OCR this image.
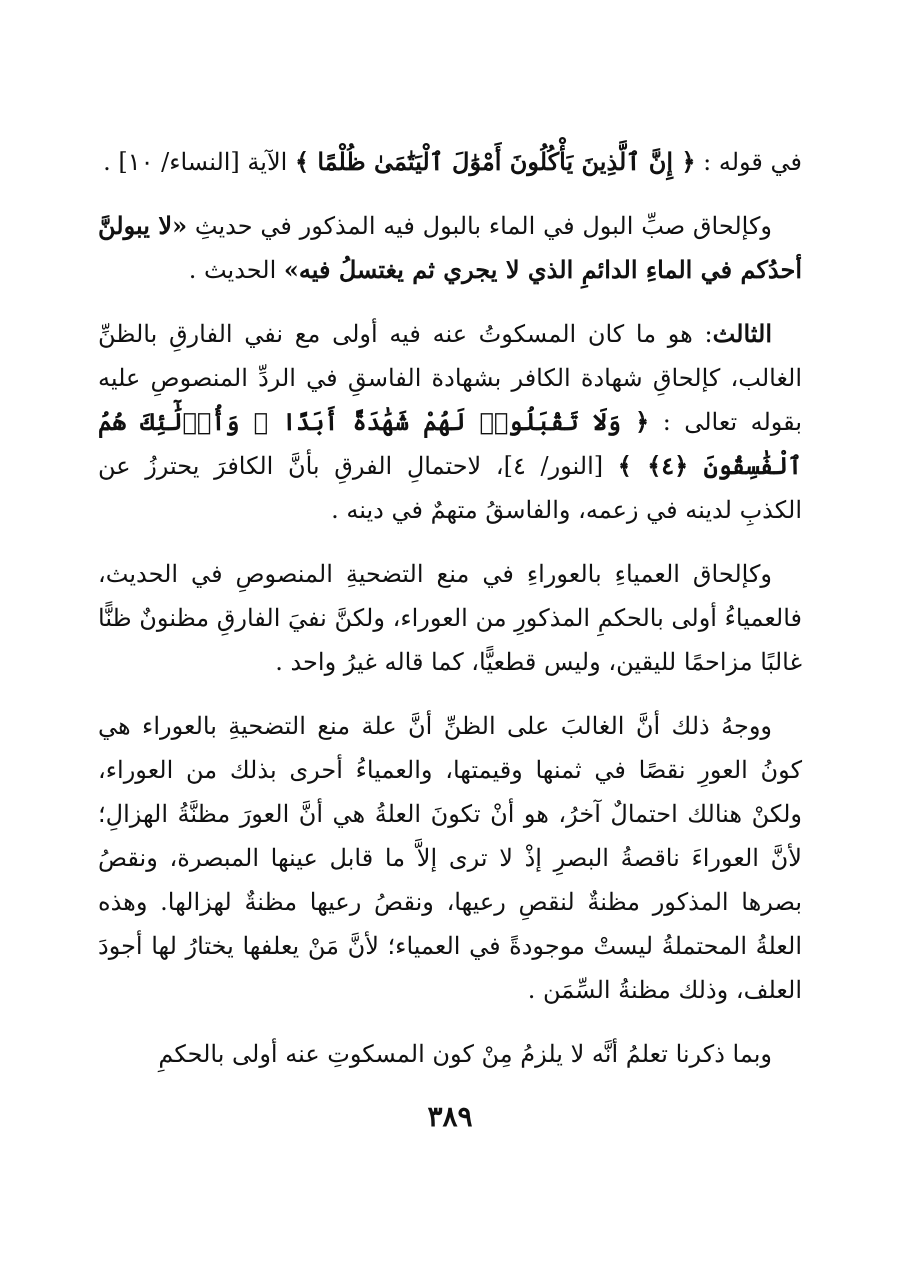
في قوله : ﴿ إِنَّ ٱلَّذِينَ يَأْكُلُونَ أَمْوَٰلَ ٱلْيَتَٰمَىٰ ظُلْمًا ﴾ الآية [النساء/ ١٠] .

وكإلحاق صبِّ البول في الماء بالبول فيه المذكور في حديثِ «لا يبولنَّ أحدُكم في الماءِ الدائمِ الذي لا يجري ثم يغتسلُ فيه» الحديث .

الثالث: هو ما كان المسكوتُ عنه فيه أولى مع نفي الفارقِ بالظنِّ الغالب، كإلحاقِ شهادة الكافر بشهادة الفاسقِ في الردِّ المنصوصِ عليه بقوله تعالى : ﴿ وَلَا تَقْبَلُوا۟ لَهُمْ شَهَٰدَةً أَبَدًا ۚ وَأُو۟لَٰٓئِكَ هُمُ ٱلْفَٰسِقُونَ ﴿٤﴾ ﴾ [النور/ ٤]، لاحتمالِ الفرقِ بأنَّ الكافرَ يحترزُ عن الكذبِ لدينه في زعمه، والفاسقُ متهمٌ في دينه .

وكإلحاق العمياءِ بالعوراءِ في منع التضحيةِ المنصوصِ في الحديث، فالعمياءُ أولى بالحكمِ المذكورِ من العوراء، ولكنَّ نفيَ الفارقِ مظنونٌ ظنًّا غالبًا مزاحمًا لليقين، وليس قطعيًّا، كما قاله غيرُ واحد .

ووجهُ ذلك أنَّ الغالبَ على الظنِّ أنَّ علة منع التضحيةِ بالعوراء هي كونُ العورِ نقصًا في ثمنها وقيمتها، والعمياءُ أحرى بذلك من العوراء، ولكنْ هنالك احتمالٌ آخرُ، هو أنْ تكونَ العلةُ هي أنَّ العورَ مظنَّةُ الهزالِ؛ لأنَّ العوراءَ ناقصةُ البصرِ إذْ لا ترى إلاَّ ما قابل عينها المبصرة، ونقصُ بصرها المذكور مظنةٌ لنقصِ رعيها، ونقصُ رعيها مظنةٌ لهزالها. وهذه العلةُ المحتملةُ ليستْ موجودةً في العمياء؛ لأنَّ مَنْ يعلفها يختارُ لها أجودَ العلف، وذلك مظنةُ السِّمَن .

وبما ذكرنا تعلمُ أنَّه لا يلزمُ مِنْ كون المسكوتِ عنه أولى بالحكمِ

٣٨٩
